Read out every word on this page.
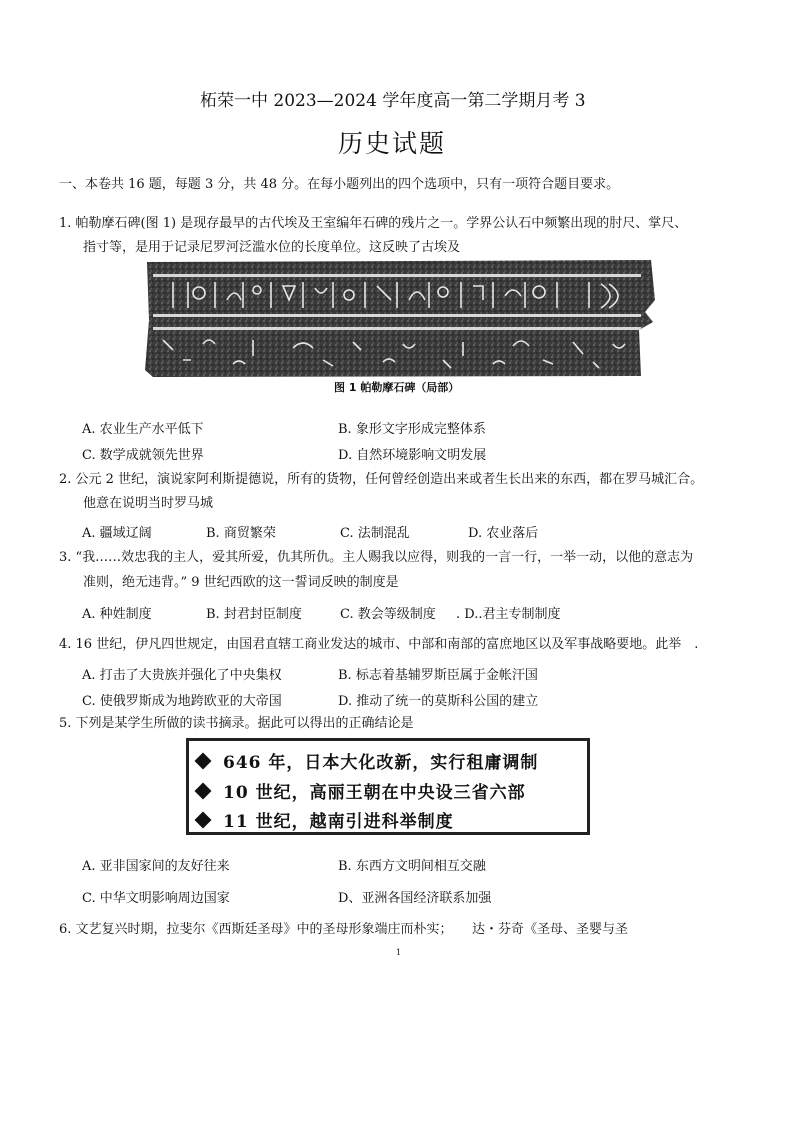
柘荣一中 2023—2024 学年度高一第二学期月考 3
历史试题
一、本卷共 16 题，每题 3 分，共 48 分。在每小题列出的四个选项中，只有一项符合题目要求。
1. 帕勒摩石碑(图 1) 是现存最早的古代埃及王室编年石碑的残片之一。学界公认石中频繁出现的肘尺、掌尺、
指寸等，是用于记录尼罗河泛滥水位的长度单位。这反映了古埃及
图 1 帕勒摩石碑（局部）
A. 农业生产水平低下	B. 象形文字形成完整体系
C. 数学成就领先世界	D. 自然环境影响文明发展
2. 公元 2 世纪，演说家阿利斯提德说，所有的货物，任何曾经创造出来或者生长出来的东西，都在罗马城汇合。
他意在说明当时罗马城
A. 疆域辽阔	B. 商贸繁荣	C. 法制混乱	D. 农业落后
3. “我……效忠我的主人，爱其所爱，仇其所仇。主人赐我以应得，则我的一言一行，一举一动，以他的意志为
准则，绝无违背。” 9 世纪西欧的这一誓词反映的制度是
A. 种姓制度	B. 封君封臣制度	C. 教会等级制度 . D..君主专制制度
4. 16 世纪，伊凡四世规定，由国君直辖工商业发达的城市、中部和南部的富庶地区以及军事战略要地。此举　.
A. 打击了大贵族并强化了中央集权	B. 标志着基辅罗斯臣属于金帐汗国
C. 使俄罗斯成为地跨欧亚的大帝国	D. 推动了统一的莫斯科公国的建立
5. 下列是某学生所做的读书摘录。据此可以得出的正确结论是
646 年，日本大化改新，实行租庸调制
10 世纪，高丽王朝在中央设三省六部
11 世纪，越南引进科举制度
A. 亚非国家间的友好往来	B. 东西方文明间相互交融
C. 中华文明影响周边国家	D、亚洲各国经济联系加强
6. 文艺复兴时期，拉斐尔《西斯廷圣母》中的圣母形象端庄而朴实；　　达・芬奇《圣母、圣婴与圣
1
